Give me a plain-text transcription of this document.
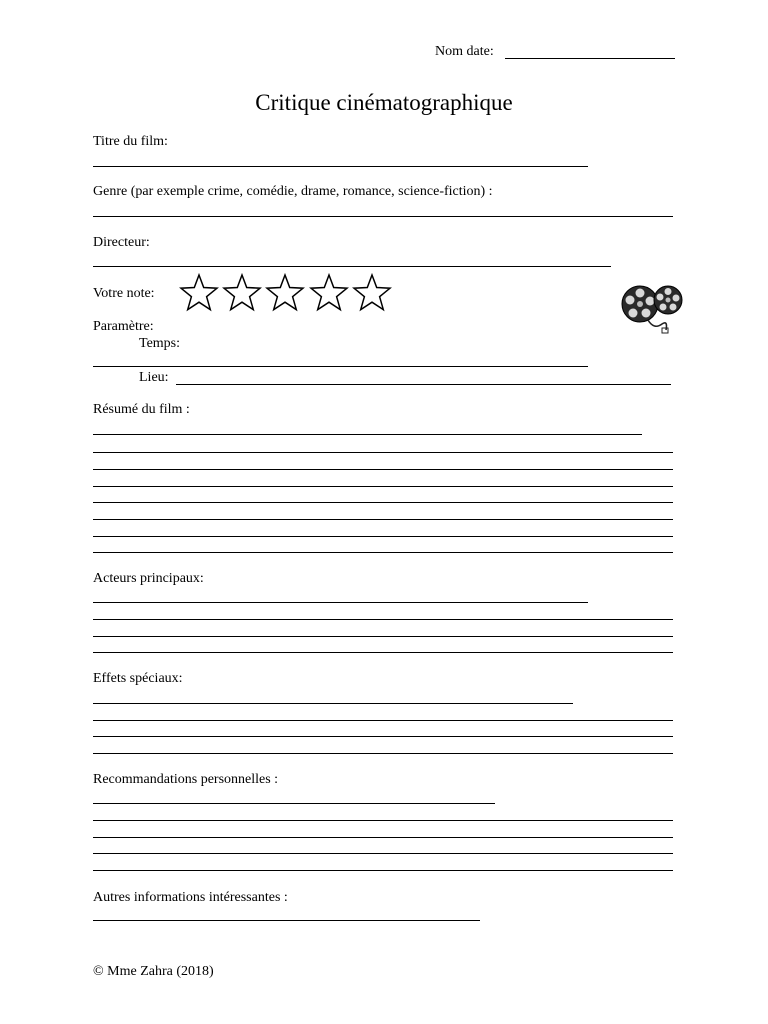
Nom date:
Critique cinématographique
Titre du film:
Genre (par exemple crime, comédie, drame, romance, science-fiction) :
Directeur:
Votre note:
Paramètre:
Temps:
Lieu:
Résumé du film :
Acteurs principaux:
Effets spéciaux:
Recommandations personnelles :
Autres informations intéressantes :
© Mme Zahra (2018)
